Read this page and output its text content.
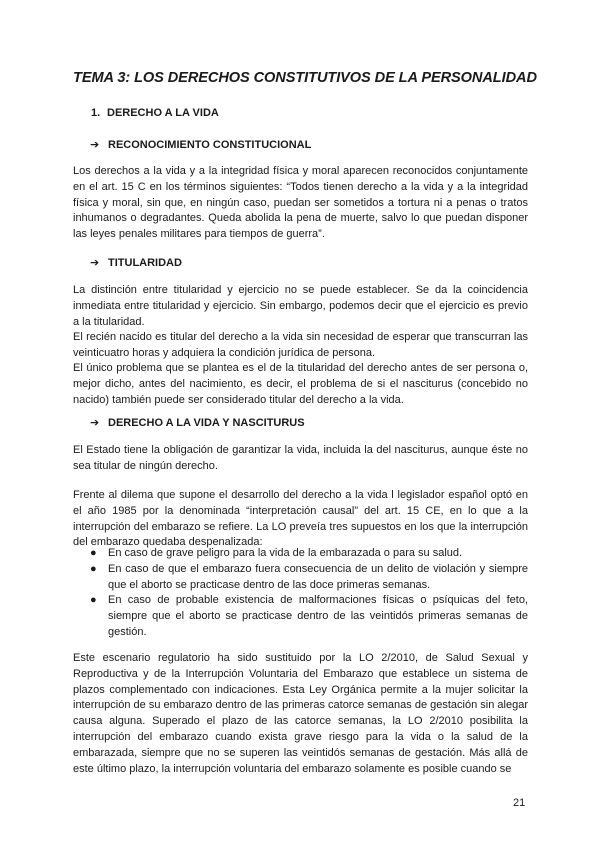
TEMA 3: LOS DERECHOS CONSTITUTIVOS DE LA PERSONALIDAD
1. DERECHO A LA VIDA
➔ RECONOCIMIENTO CONSTITUCIONAL
Los derechos a la vida y a la integridad física y moral aparecen reconocidos conjuntamente en el art. 15 C en los términos siguientes: “Todos tienen derecho a la vida y a la integridad física y moral, sin que, en ningún caso, puedan ser sometidos a tortura ni a penas o tratos inhumanos o degradantes. Queda abolida la pena de muerte, salvo lo que puedan disponer las leyes penales militares para tiempos de guerra”.
➔ TITULARIDAD
La distinción entre titularidad y ejercicio no se puede establecer. Se da la coincidencia inmediata entre titularidad y ejercicio. Sin embargo, podemos decir que el ejercicio es previo a la titularidad.
El recién nacido es titular del derecho a la vida sin necesidad de esperar que transcurran las veinticuatro horas y adquiera la condición jurídica de persona.
El único problema que se plantea es el de la titularidad del derecho antes de ser persona o, mejor dicho, antes del nacimiento, es decir, el problema de si el nasciturus (concebido no nacido) también puede ser considerado titular del derecho a la vida.
➔ DERECHO A LA VIDA Y NASCITURUS
El Estado tiene la obligación de garantizar la vida, incluida la del nasciturus, aunque éste no sea titular de ningún derecho.
Frente al dilema que supone el desarrollo del derecho a la vida l legislador español optó en el año 1985 por la denominada “interpretación causal” del art. 15 CE, en lo que a la interrupción del embarazo se refiere. La LO preveía tres supuestos en los que la interrupción del embarazo quedaba despenalizada:
● En caso de grave peligro para la vida de la embarazada o para su salud.
● En caso de que el embarazo fuera consecuencia de un delito de violación y siempre que el aborto se practicase dentro de las doce primeras semanas.
● En caso de probable existencia de malformaciones físicas o psíquicas del feto, siempre que el aborto se practicase dentro de las veintidós primeras semanas de gestión.
Este escenario regulatorio ha sido sustituido por la LO 2/2010, de Salud Sexual y Reproductiva y de la Interrupción Voluntaria del Embarazo que establece un sistema de plazos complementado con indicaciones. Esta Ley Orgánica permite a la mujer solicitar la interrupción de su embarazo dentro de las primeras catorce semanas de gestación sin alegar causa alguna. Superado el plazo de las catorce semanas, la LO 2/2010 posibilita la interrupción del embarazo cuando exista grave riesgo para la vida o la salud de la embarazada, siempre que no se superen las veintidós semanas de gestación. Más allá de este último plazo, la interrupción voluntaria del embarazo solamente es posible cuando se
21
